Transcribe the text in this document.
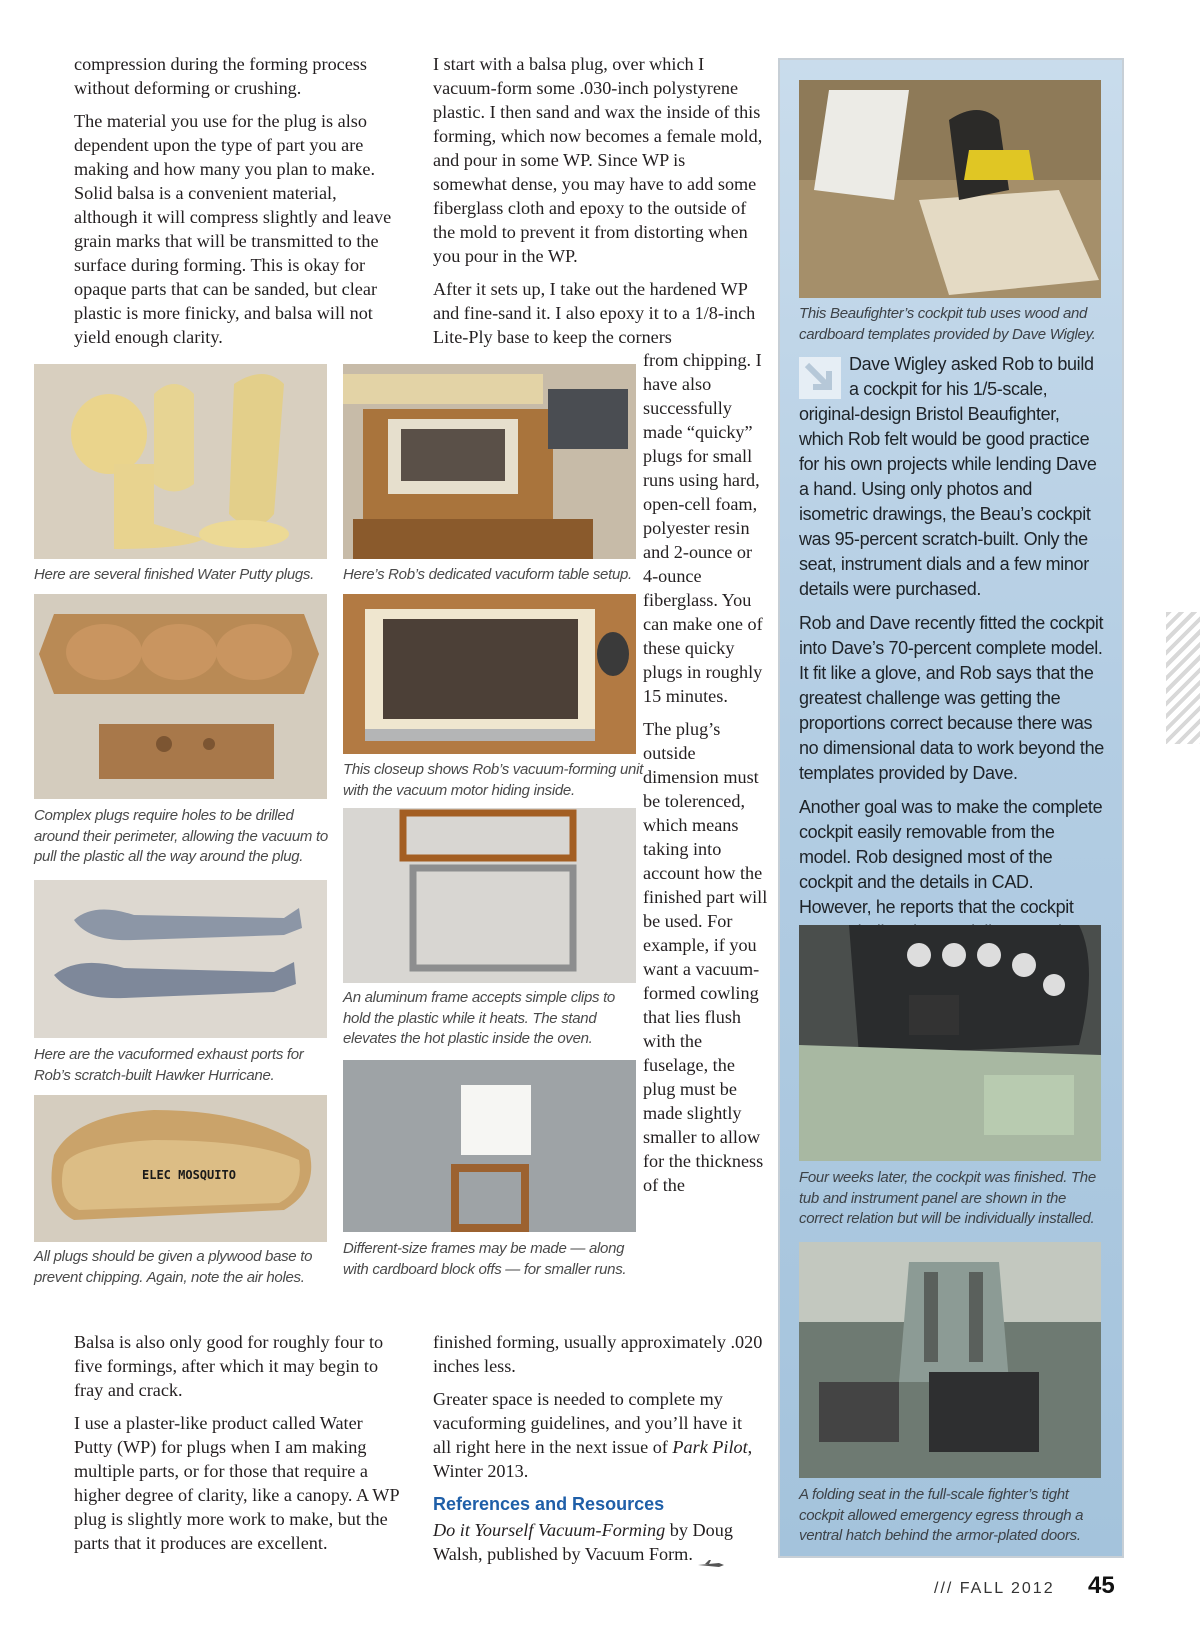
compression during the forming process without deforming or crushing.

The material you use for the plug is also dependent upon the type of part you are making and how many you plan to make. Solid balsa is a convenient material, although it will compress slightly and leave grain marks that will be transmitted to the surface during forming. This is okay for opaque parts that can be sanded, but clear plastic is more finicky, and balsa will not yield enough clarity.

I start with a balsa plug, over which I vacuum-form some .030-inch polystyrene plastic. I then sand and wax the inside of this forming, which now becomes a female mold, and pour in some WP. Since WP is somewhat dense, you may have to add some fiberglass cloth and epoxy to the outside of the mold to prevent it from distorting when you pour in the WP.

After it sets up, I take out the hardened WP and fine-sand it. I also epoxy it to a 1/8-inch Lite-Ply base to keep the corners

from chipping. I have also successfully made “quicky” plugs for small runs using hard, open-cell foam, polyester resin and 2-ounce or 4-ounce fiberglass. You can make one of these quicky plugs in roughly 15 minutes.

The plug’s outside dimension must be tolerenced, which means taking into account how the finished part will be used. For example, if you want a vacuum-formed cowling that lies flush with the fuselage, the plug must be made slightly smaller to allow for the thickness of the

Here are several finished Water Putty plugs.

Complex plugs require holes to be drilled around their perimeter, allowing the vacuum to pull the plastic all the way around the plug.

Here are the vacuformed exhaust ports for Rob’s scratch-built Hawker Hurricane.

ELEC MOSQUITO

All plugs should be given a plywood base to prevent chipping. Again, note the air holes.

Here’s Rob’s dedicated vacuform table setup.

This closeup shows Rob’s vacuum-forming unit with the vacuum motor hiding inside.

An aluminum frame accepts simple clips to hold the plastic while it heats. The stand elevates the hot plastic inside the oven.

Different-size frames may be made — along with cardboard block offs — for smaller runs.

Balsa is also only good for roughly four to five formings, after which it may begin to fray and crack.

I use a plaster-like product called Water Putty (WP) for plugs when I am making multiple parts, or for those that require a higher degree of clarity, like a canopy. A WP plug is slightly more work to make, but the parts that it produces are excellent.

finished forming, usually approximately .020 inches less.

Greater space is needed to complete my vacuforming guidelines, and you’ll have it all right here in the next issue of Park Pilot, Winter 2013.

References and Resources

Do it Yourself Vacuum-Forming by Doug Walsh, published by Vacuum Form.

This Beaufighter’s cockpit tub uses wood and cardboard templates provided by Dave Wigley.

Dave Wigley asked Rob to build a cockpit for his 1/5-scale, original-design Bristol Beaufighter, which Rob felt would be good practice for his own projects while lending Dave a hand. Using only photos and isometric drawings, the Beau’s cockpit was 95-percent scratch-built. Only the seat, instrument dials and a few minor details were purchased.

Rob and Dave recently fitted the cockpit into Dave’s 70-percent complete model. It fit like a glove, and Rob says that the greatest challenge was getting the proportions correct because there was no dimensional data to work beyond the templates provided by Dave.

Another goal was to make the complete cockpit easily removable from the model. Rob designed most of the cockpit and the details in CAD. However, he reports that the cockpit

Four weeks later, the cockpit was finished. The tub and instrument panel are shown in the correct relation but will be individually installed.

A folding seat in the full-scale fighter’s tight cockpit allowed emergency egress through a ventral hatch behind the armor-plated doors.

/// FALL 2012 45
